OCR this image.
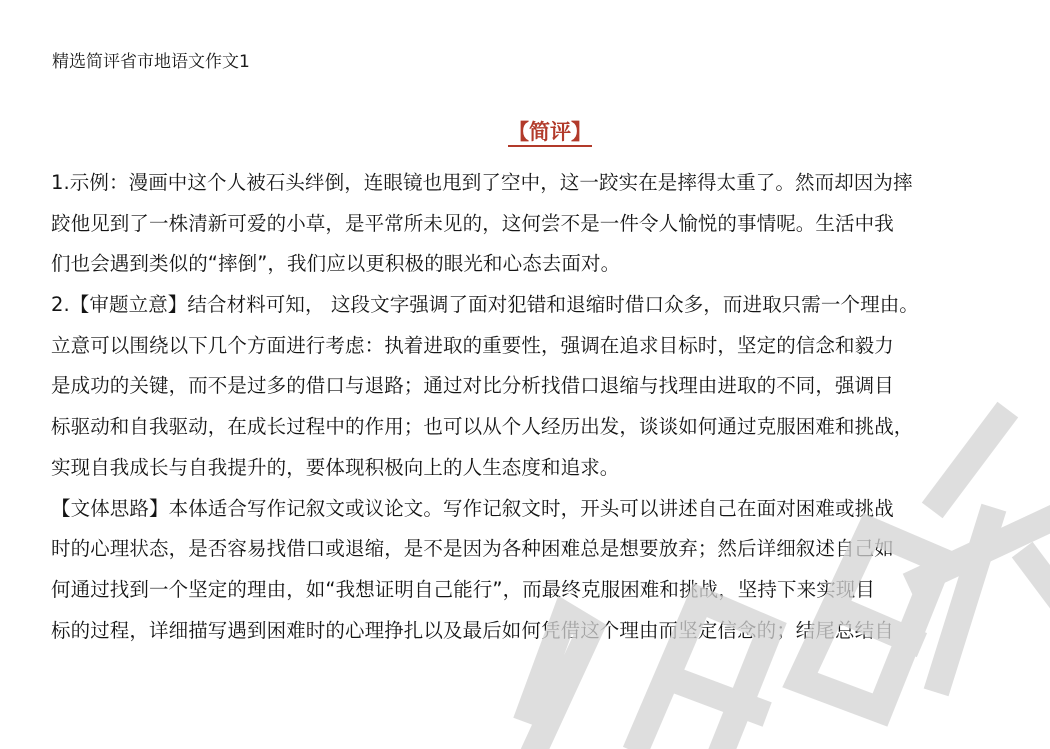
精选简评省市地语文作文1
【简评】
1.示例：漫画中这个人被石头绊倒，连眼镜也甩到了空中，这一跤实在是摔得太重了。然而却因为摔
跤他见到了一株清新可爱的小草，是平常所未见的，这何尝不是一件令人愉悦的事情呢。生活中我
们也会遇到类似的“摔倒”，我们应以更积极的眼光和心态去面对。
2.【审题立意】结合材料可知， 这段文字强调了面对犯错和退缩时借口众多，而进取只需一个理由。
立意可以围绕以下几个方面进行考虑：执着进取的重要性，强调在追求目标时，坚定的信念和毅力
是成功的关键，而不是过多的借口与退路；通过对比分析找借口退缩与找理由进取的不同，强调目
标驱动和自我驱动，在成长过程中的作用；也可以从个人经历出发，谈谈如何通过克服困难和挑战，
实现自我成长与自我提升的，要体现积极向上的人生态度和追求。
【文体思路】本体适合写作记叙文或议论文。写作记叙文时，开头可以讲述自己在面对困难或挑战
时的心理状态，是否容易找借口或退缩，是不是因为各种困难总是想要放弃；然后详细叙述自己如
何通过找到一个坚定的理由，如“我想证明自己能行”，而最终克服困难和挑战，坚持下来实现目
标的过程，详细描写遇到困难时的心理挣扎以及最后如何凭借这个理由而坚定信念的；结尾总结自
